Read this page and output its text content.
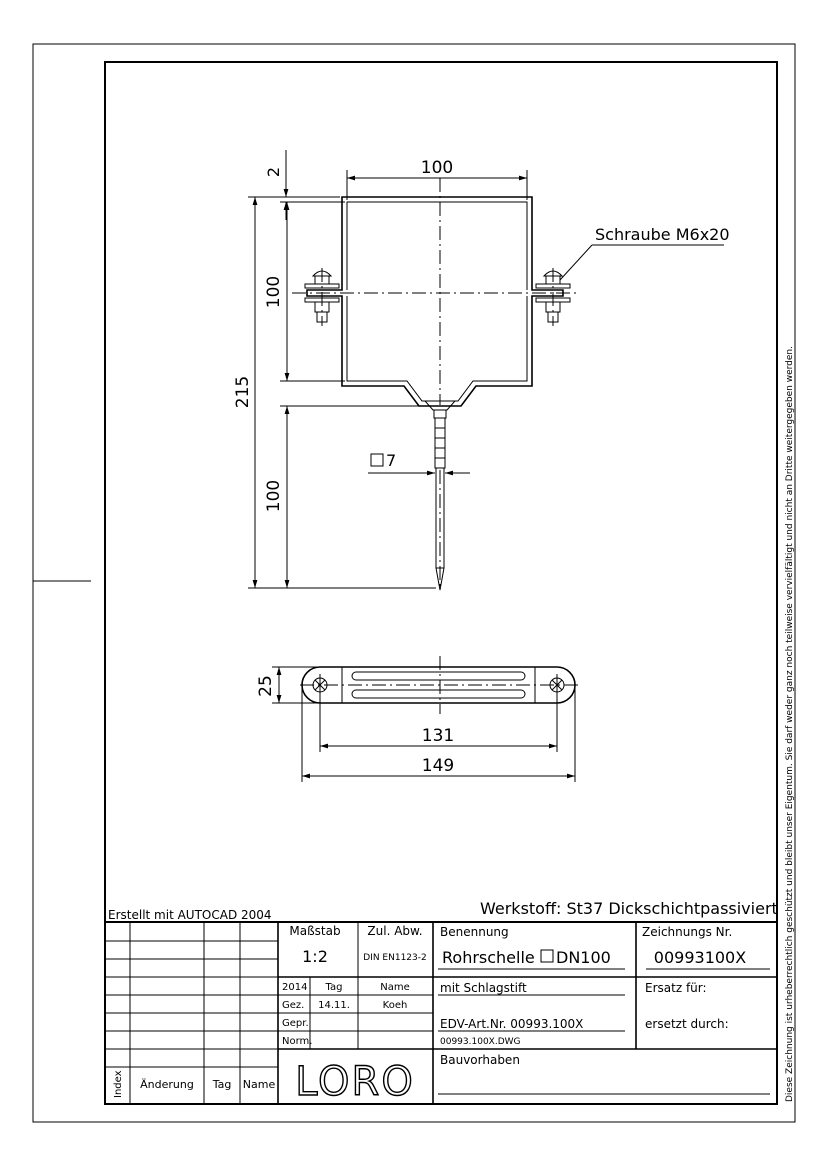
Diese Zeichnung ist urheberrechtlich geschützt und bleibt unser Eigentum. Sie darf weder ganz noch teilweise vervielfältigt und nicht an Dritte weitergegeben werden.
2	100
100
215
100
7
Schraube M6x20
25
131
149
Werkstoff: St37 Dickschichtpassiviert
Erstellt mit AUTOCAD 2004
Index Änderung Tag Name
Maßstab
1:2
Zul. Abw.
DIN EN1123-2
2014 Tag	Name
Gez. 14.11.	Koeh
Gepr.
Norm.
Benennung
Rohrschelle DN100
mit Schlagstift
EDV-Art.Nr. 00993.100X
00993.100X.DWG
Bauvorhaben
Zeichnungs Nr.
00993100X
Ersatz für:
ersetzt durch:
LORO
